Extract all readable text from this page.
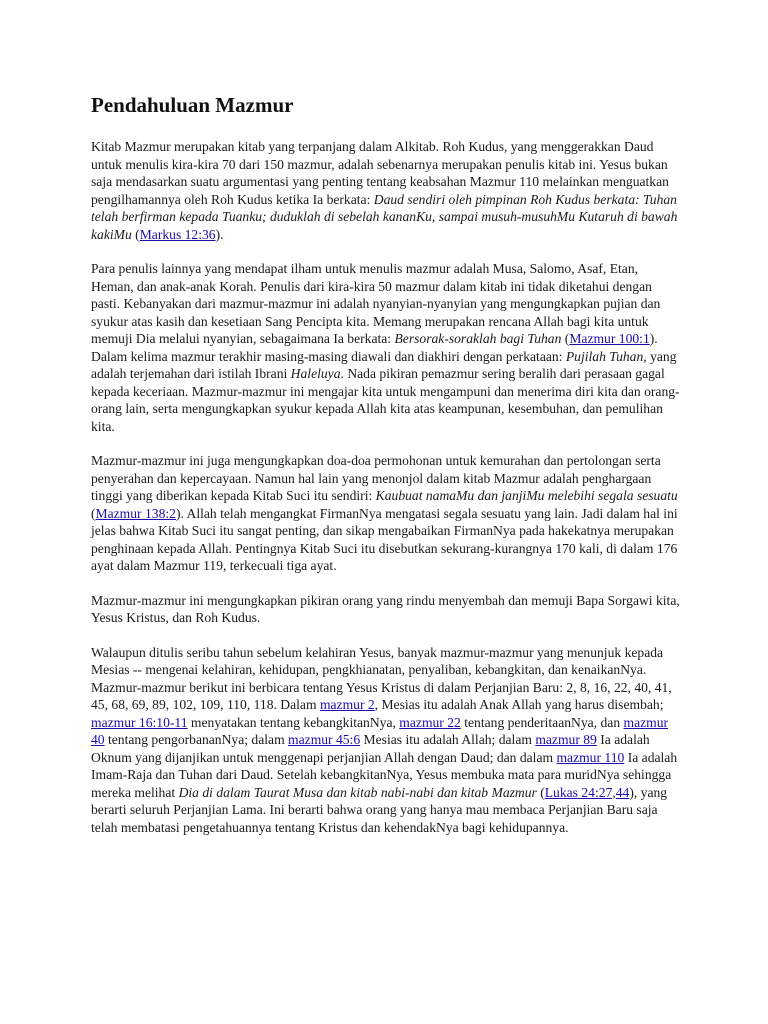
Pendahuluan Mazmur

Kitab Mazmur merupakan kitab yang terpanjang dalam Alkitab. Roh Kudus, yang menggerakkan Daud untuk menulis kira-kira 70 dari 150 mazmur, adalah sebenarnya merupakan penulis kitab ini. Yesus bukan saja mendasarkan suatu argumentasi yang penting tentang keabsahan Mazmur 110 melainkan menguatkan pengilhamannya oleh Roh Kudus ketika Ia berkata: Daud sendiri oleh pimpinan Roh Kudus berkata: Tuhan telah berfirman kepada Tuanku; duduklah di sebelah kananKu, sampai musuh-musuhMu Kutaruh di bawah kakiMu (Markus 12:36).

Para penulis lainnya yang mendapat ilham untuk menulis mazmur adalah Musa, Salomo, Asaf, Etan, Heman, dan anak-anak Korah. Penulis dari kira-kira 50 mazmur dalam kitab ini tidak diketahui dengan pasti. Kebanyakan dari mazmur-mazmur ini adalah nyanyian-nyanyian yang mengungkapkan pujian dan syukur atas kasih dan kesetiaan Sang Pencipta kita. Memang merupakan rencana Allah bagi kita untuk memuji Dia melalui nyanyian, sebagaimana Ia berkata: Bersorak-soraklah bagi Tuhan (Mazmur 100:1). Dalam kelima mazmur terakhir masing-masing diawali dan diakhiri dengan perkataan: Pujilah Tuhan, yang adalah terjemahan dari istilah Ibrani Haleluya. Nada pikiran pemazmur sering beralih dari perasaan gagal kepada keceriaan. Mazmur-mazmur ini mengajar kita untuk mengampuni dan menerima diri kita dan orang-orang lain, serta mengungkapkan syukur kepada Allah kita atas keampunan, kesembuhan, dan pemulihan kita.

Mazmur-mazmur ini juga mengungkapkan doa-doa permohonan untuk kemurahan dan pertolongan serta penyerahan dan kepercayaan. Namun hal lain yang menonjol dalam kitab Mazmur adalah penghargaan tinggi yang diberikan kepada Kitab Suci itu sendiri: Kaubuat namaMu dan janjiMu melebihi segala sesuatu (Mazmur 138:2). Allah telah mengangkat FirmanNya mengatasi segala sesuatu yang lain. Jadi dalam hal ini jelas bahwa Kitab Suci itu sangat penting, dan sikap mengabaikan FirmanNya pada hakekatnya merupakan penghinaan kepada Allah. Pentingnya Kitab Suci itu disebutkan sekurang-kurangnya 170 kali, di dalam 176 ayat dalam Mazmur 119, terkecuali tiga ayat.

Mazmur-mazmur ini mengungkapkan pikiran orang yang rindu menyembah dan memuji Bapa Sorgawi kita, Yesus Kristus, dan Roh Kudus.

Walaupun ditulis seribu tahun sebelum kelahiran Yesus, banyak mazmur-mazmur yang menunjuk kepada Mesias -- mengenai kelahiran, kehidupan, pengkhianatan, penyaliban, kebangkitan, dan kenaikanNya. Mazmur-mazmur berikut ini berbicara tentang Yesus Kristus di dalam Perjanjian Baru: 2, 8, 16, 22, 40, 41, 45, 68, 69, 89, 102, 109, 110, 118. Dalam mazmur 2, Mesias itu adalah Anak Allah yang harus disembah; mazmur 16:10-11 menyatakan tentang kebangkitanNya, mazmur 22 tentang penderitaanNya, dan mazmur 40 tentang pengorbananNya; dalam mazmur 45:6 Mesias itu adalah Allah; dalam mazmur 89 Ia adalah Oknum yang dijanjikan untuk menggenapi perjanjian Allah dengan Daud; dan dalam mazmur 110 Ia adalah Imam-Raja dan Tuhan dari Daud. Setelah kebangkitanNya, Yesus membuka mata para muridNya sehingga mereka melihat Dia di dalam Taurat Musa dan kitab nabi-nabi dan kitab Mazmur (Lukas 24:27,44), yang berarti seluruh Perjanjian Lama. Ini berarti bahwa orang yang hanya mau membaca Perjanjian Baru saja telah membatasi pengetahuannya tentang Kristus dan kehendakNya bagi kehidupannya.
